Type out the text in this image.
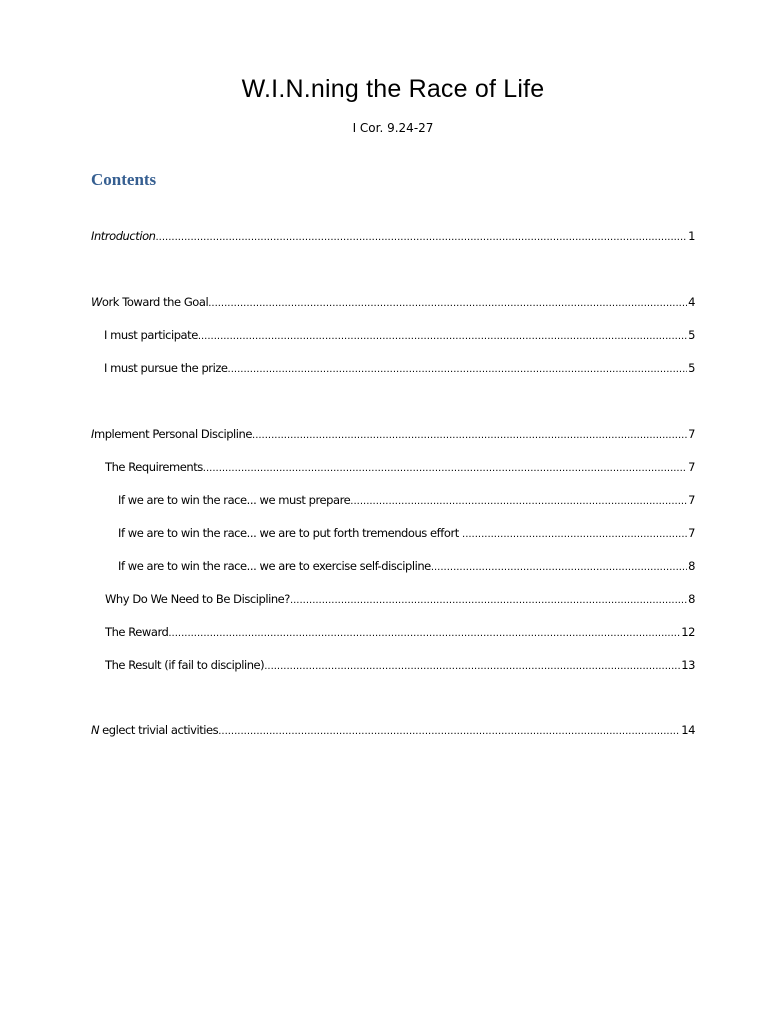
W.I.N.ning the Race of Life
I Cor. 9.24-27
Contents
Introduction .....	1
Work Toward the Goal .....	4
I must participate .....	5
I must pursue the prize .....	5
Implement Personal Discipline .....	7
The Requirements .....	7
If we are to win the race... we must prepare .....	7
If we are to win the race... we are to put forth tremendous effort .....	7
If we are to win the race... we are to exercise self-discipline .....	8
Why Do We Need to Be Discipline? .....	8
The Reward .....	12
The Result (if fail to discipline) .....	13
N eglect trivial activities .....	14
